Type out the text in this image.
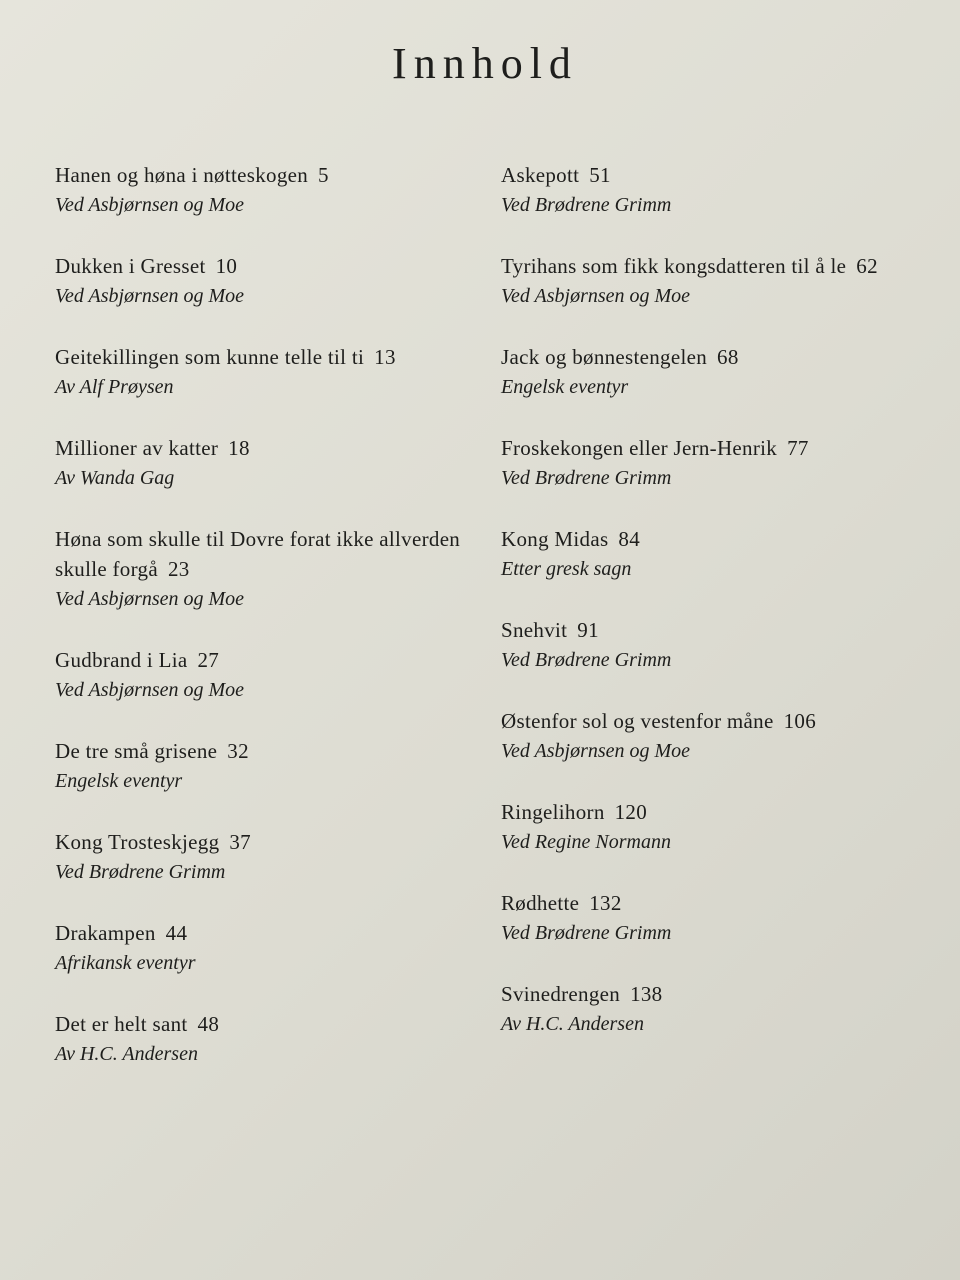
Innhold
Hanen og høna i nøtteskogen 5
Ved Asbjørnsen og Moe
Dukken i Gresset 10
Ved Asbjørnsen og Moe
Geitekillingen som kunne telle til ti 13
Av Alf Prøysen
Millioner av katter 18
Av Wanda Gag
Høna som skulle til Dovre forat ikke allverden skulle forgå 23
Ved Asbjørnsen og Moe
Gudbrand i Lia 27
Ved Asbjørnsen og Moe
De tre små grisene 32
Engelsk eventyr
Kong Trosteskjegg 37
Ved Brødrene Grimm
Drakampen 44
Afrikansk eventyr
Det er helt sant 48
Av H.C. Andersen
Askepott 51
Ved Brødrene Grimm
Tyrihans som fikk kongsdatteren til å le 62
Ved Asbjørnsen og Moe
Jack og bønnestengelen 68
Engelsk eventyr
Froskekongen eller Jern-Henrik 77
Ved Brødrene Grimm
Kong Midas 84
Etter gresk sagn
Snehvit 91
Ved Brødrene Grimm
Østenfor sol og vestenfor måne 106
Ved Asbjørnsen og Moe
Ringelihorn 120
Ved Regine Normann
Rødhette 132
Ved Brødrene Grimm
Svinedrengen 138
Av H.C. Andersen
